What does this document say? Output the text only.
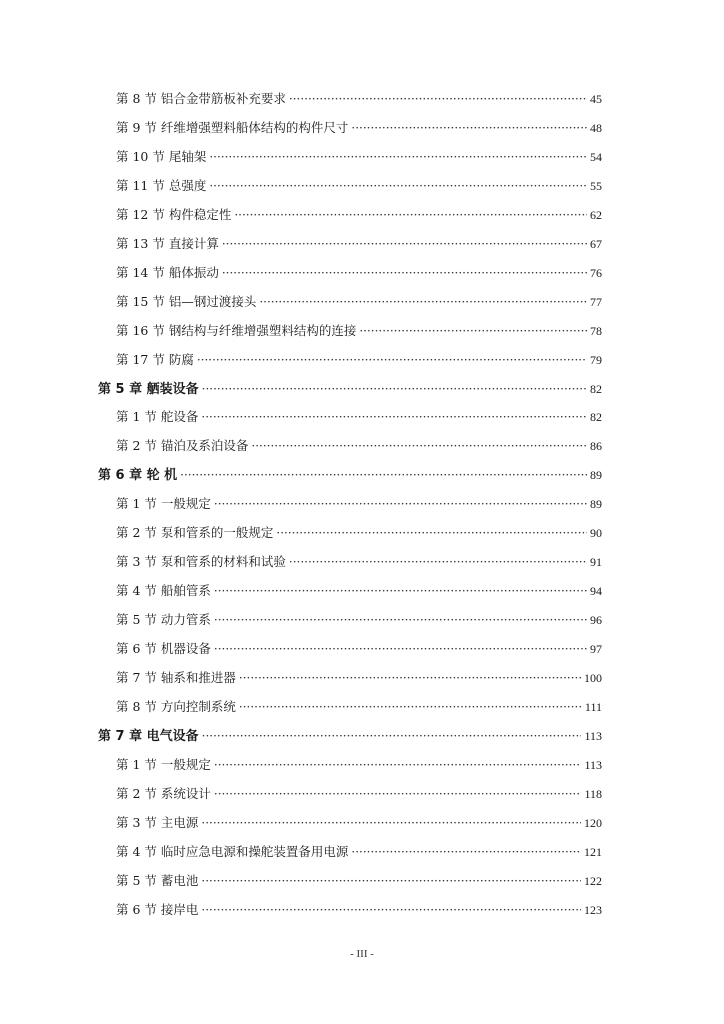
第 8 节 铝合金带筋板补充要求 ·····	45
第 9 节 纤维增强塑料船体结构的构件尺寸 ·····	48
第 10 节 尾轴架 ·····	54
第 11 节 总强度 ·····	55
第 12 节 构件稳定性 ·····	62
第 13 节 直接计算 ·····	67
第 14 节 船体振动 ·····	76
第 15 节 铝—钢过渡接头 ·····	77
第 16 节 钢结构与纤维增强塑料结构的连接 ·····	78
第 17 节 防腐 ·····	79
第 5 章 舾装设备 ·····	82
第 1 节 舵设备 ·····	82
第 2 节 锚泊及系泊设备 ·····	86
第 6 章 轮 机 ·····	89
第 1 节 一般规定 ·····	89
第 2 节 泵和管系的一般规定 ·····	90
第 3 节 泵和管系的材料和试验 ·····	91
第 4 节 船舶管系 ·····	94
第 5 节 动力管系 ·····	96
第 6 节 机器设备 ·····	97
第 7 节 轴系和推进器 ·····	100
第 8 节 方向控制系统 ·····	111
第 7 章 电气设备 ·····	113
第 1 节 一般规定 ·····	113
第 2 节 系统设计 ·····	118
第 3 节 主电源 ·····	120
第 4 节 临时应急电源和操舵装置备用电源 ·····	121
第 5 节 蓄电池 ·····	122
第 6 节 接岸电 ·····	123
- III -
